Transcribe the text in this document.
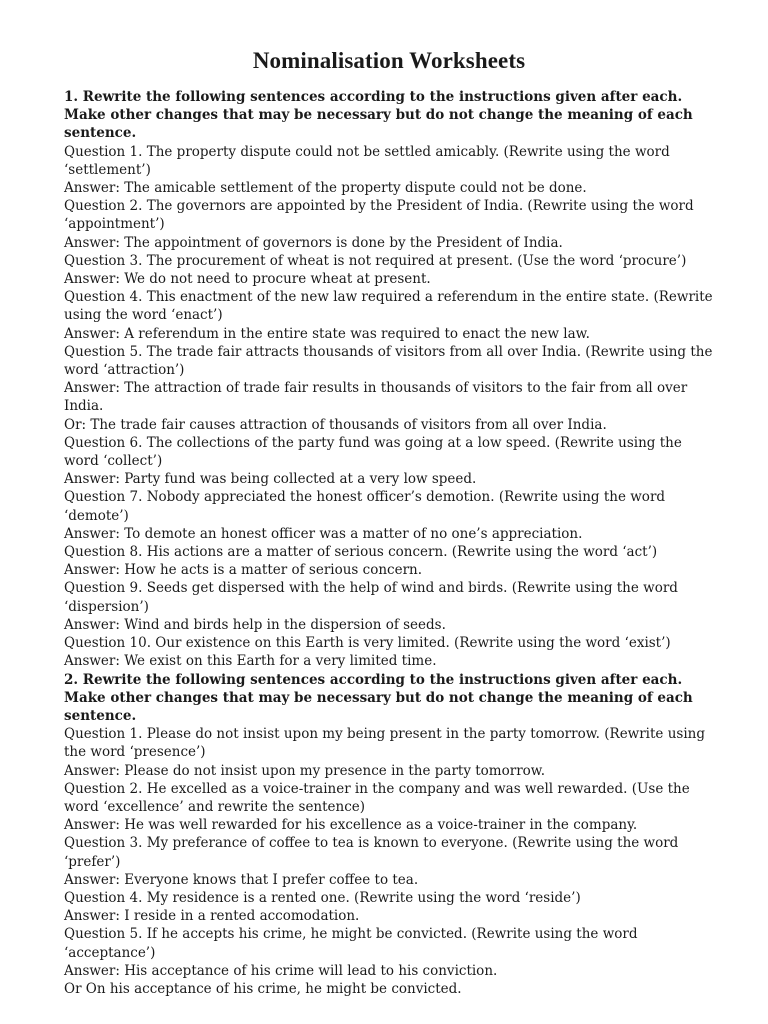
Nominalisation Worksheets
1. Rewrite the following sentences according to the instructions given after each. Make other changes that may be necessary but do not change the meaning of each sentence.
Question 1. The property dispute could not be settled amicably. (Rewrite using the word ‘settlement’)
Answer: The amicable settlement of the property dispute could not be done.
Question 2. The governors are appointed by the President of India. (Rewrite using the word ‘appointment’)
Answer: The appointment of governors is done by the President of India.
Question 3. The procurement of wheat is not required at present. (Use the word ‘procure’)
Answer: We do not need to procure wheat at present.
Question 4. This enactment of the new law required a referendum in the entire state. (Rewrite using the word ‘enact’)
Answer: A referendum in the entire state was required to enact the new law.
Question 5. The trade fair attracts thousands of visitors from all over India. (Rewrite using the word ‘attraction’)
Answer: The attraction of trade fair results in thousands of visitors to the fair from all over India.
Or: The trade fair causes attraction of thousands of visitors from all over India.
Question 6. The collections of the party fund was going at a low speed. (Rewrite using the word ‘collect’)
Answer: Party fund was being collected at a very low speed.
Question 7. Nobody appreciated the honest officer’s demotion. (Rewrite using the word ‘demote’)
Answer: To demote an honest officer was a matter of no one’s appreciation.
Question 8. His actions are a matter of serious concern. (Rewrite using the word ‘act’)
Answer: How he acts is a matter of serious concern.
Question 9. Seeds get dispersed with the help of wind and birds. (Rewrite using the word ‘dispersion’)
Answer: Wind and birds help in the dispersion of seeds.
Question 10. Our existence on this Earth is very limited. (Rewrite using the word ‘exist’)
Answer: We exist on this Earth for a very limited time.
2. Rewrite the following sentences according to the instructions given after each. Make other changes that may be necessary but do not change the meaning of each sentence.
Question 1. Please do not insist upon my being present in the party tomorrow. (Rewrite using the word ‘presence’)
Answer: Please do not insist upon my presence in the party tomorrow.
Question 2. He excelled as a voice-trainer in the company and was well rewarded. (Use the word ‘excellence’ and rewrite the sentence)
Answer: He was well rewarded for his excellence as a voice-trainer in the company.
Question 3. My preferance of coffee to tea is known to everyone. (Rewrite using the word ‘prefer’)
Answer: Everyone knows that I prefer coffee to tea.
Question 4. My residence is a rented one. (Rewrite using the word ‘reside’)
Answer: I reside in a rented accomodation.
Question 5. If he accepts his crime, he might be convicted. (Rewrite using the word ‘acceptance’)
Answer: His acceptance of his crime will lead to his conviction.
Or On his acceptance of his crime, he might be convicted.
